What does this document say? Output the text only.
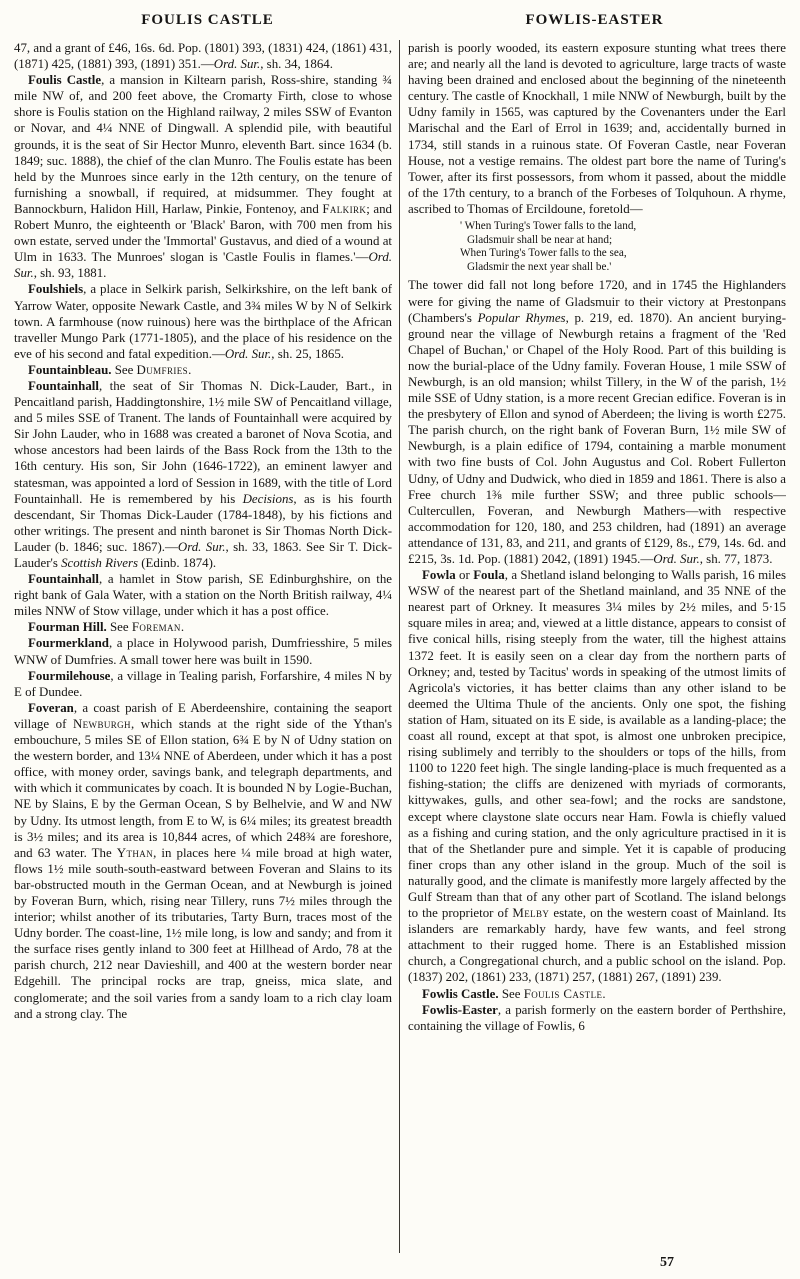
FOULIS CASTLE	FOWLIS-EASTER

47, and a grant of £46, 16s. 6d. Pop. (1801) 393, (1831) 424, (1861) 431, (1871) 425, (1881) 393, (1891) 351.—Ord. Sur., sh. 34, 1864.

Foulis Castle, a mansion in Kiltearn parish, Ross-shire, standing ¾ mile NW of, and 200 feet above, the Cromarty Firth, close to whose shore is Foulis station on the Highland railway, 2 miles SSW of Evanton or Novar, and 4¼ NNE of Dingwall. A splendid pile, with beautiful grounds, it is the seat of Sir Hector Munro, eleventh Bart. since 1634 (b. 1849; suc. 1888), the chief of the clan Munro. The Foulis estate has been held by the Munroes since early in the 12th century, on the tenure of furnishing a snowball, if required, at midsummer. They fought at Bannockburn, Halidon Hill, Harlaw, Pinkie, Fontenoy, and Falkirk; and Robert Munro, the eighteenth or 'Black' Baron, with 700 men from his own estate, served under the 'Immortal' Gustavus, and died of a wound at Ulm in 1633. The Munroes' slogan is 'Castle Foulis in flames.'—Ord. Sur., sh. 93, 1881.

Foulshiels, a place in Selkirk parish, Selkirkshire, on the left bank of Yarrow Water, opposite Newark Castle, and 3¾ miles W by N of Selkirk town. A farmhouse (now ruinous) here was the birthplace of the African traveller Mungo Park (1771-1805), and the place of his residence on the eve of his second and fatal expedition.—Ord. Sur., sh. 25, 1865.

Fountainbleau. See Dumfries.

Fountainhall, the seat of Sir Thomas N. Dick-Lauder, Bart., in Pencaitland parish, Haddingtonshire, 1½ mile SW of Pencaitland village, and 5 miles SSE of Tranent. The lands of Fountainhall were acquired by Sir John Lauder, who in 1688 was created a baronet of Nova Scotia, and whose ancestors had been lairds of the Bass Rock from the 13th to the 16th century. His son, Sir John (1646-1722), an eminent lawyer and statesman, was appointed a lord of Session in 1689, with the title of Lord Fountainhall. He is remembered by his Decisions, as is his fourth descendant, Sir Thomas Dick-Lauder (1784-1848), by his fictions and other writings. The present and ninth baronet is Sir Thomas North Dick-Lauder (b. 1846; suc. 1867).—Ord. Sur., sh. 33, 1863. See Sir T. Dick-Lauder's Scottish Rivers (Edinb. 1874).

Fountainhall, a hamlet in Stow parish, SE Edinburghshire, on the right bank of Gala Water, with a station on the North British railway, 4¼ miles NNW of Stow village, under which it has a post office.

Fourman Hill. See Foreman.

Fourmerkland, a place in Holywood parish, Dumfriesshire, 5 miles WNW of Dumfries. A small tower here was built in 1590.

Fourmilehouse, a village in Tealing parish, Forfarshire, 4 miles N by E of Dundee.

Foveran, a coast parish of E Aberdeenshire, containing the seaport village of Newburgh, which stands at the right side of the Ythan's embouchure, 5 miles SE of Ellon station, 6¾ E by N of Udny station on the western border, and 13¼ NNE of Aberdeen, under which it has a post office, with money order, savings bank, and telegraph departments, and with which it communicates by coach. It is bounded N by Logie-Buchan, NE by Slains, E by the German Ocean, S by Belhelvie, and W and NW by Udny. Its utmost length, from E to W, is 6¼ miles; its greatest breadth is 3½ miles; and its area is 10,844 acres, of which 248¾ are foreshore, and 63 water. The Ythan, in places here ¼ mile broad at high water, flows 1½ mile south-south-eastward between Foveran and Slains to its bar-obstructed mouth in the German Ocean, and at Newburgh is joined by Foveran Burn, which, rising near Tillery, runs 7½ miles through the interior; whilst another of its tributaries, Tarty Burn, traces most of the Udny border. The coast-line, 1½ mile long, is low and sandy; and from it the surface rises gently inland to 300 feet at Hillhead of Ardo, 78 at the parish church, 212 near Davieshill, and 400 at the western border near Edgehill. The principal rocks are trap, gneiss, mica slate, and conglomerate; and the soil varies from a sandy loam to a rich clay loam and a strong clay. The

parish is poorly wooded, its eastern exposure stunting what trees there are; and nearly all the land is devoted to agriculture, large tracts of waste having been drained and enclosed about the beginning of the nineteenth century. The castle of Knockhall, 1 mile NNW of Newburgh, built by the Udny family in 1565, was captured by the Covenanters under the Earl Marischal and the Earl of Errol in 1639; and, accidentally burned in 1734, still stands in a ruinous state. Of Foveran Castle, near Foveran House, not a vestige remains. The oldest part bore the name of Turing's Tower, after its first possessors, from whom it passed, about the middle of the 17th century, to a branch of the Forbeses of Tolquhoun. A rhyme, ascribed to Thomas of Ercildoune, foretold—

' When Turing's Tower falls to the land,
Gladsmuir shall be near at hand;
When Turing's Tower falls to the sea,
Gladsmir the next year shall be.'

The tower did fall not long before 1720, and in 1745 the Highlanders were for giving the name of Gladsmuir to their victory at Prestonpans (Chambers's Popular Rhymes, p. 219, ed. 1870). An ancient burying-ground near the village of Newburgh retains a fragment of the 'Red Chapel of Buchan,' or Chapel of the Holy Rood. Part of this building is now the burial-place of the Udny family. Foveran House, 1 mile SSW of Newburgh, is an old mansion; whilst Tillery, in the W of the parish, 1½ mile SSE of Udny station, is a more recent Grecian edifice. Foveran is in the presbytery of Ellon and synod of Aberdeen; the living is worth £275. The parish church, on the right bank of Foveran Burn, 1½ mile SW of Newburgh, is a plain edifice of 1794, containing a marble monument with two fine busts of Col. John Augustus and Col. Robert Fullerton Udny, of Udny and Dudwick, who died in 1859 and 1861. There is also a Free church 1⅜ mile further SSW; and three public schools—Cultercullen, Foveran, and Newburgh Mathers—with respective accommodation for 120, 180, and 253 children, had (1891) an average attendance of 131, 83, and 211, and grants of £129, 8s., £79, 14s. 6d. and £215, 3s. 1d. Pop. (1881) 2042, (1891) 1945.—Ord. Sur., sh. 77, 1873.

Fowla or Foula, a Shetland island belonging to Walls parish, 16 miles WSW of the nearest part of the Shetland mainland, and 35 NNE of the nearest part of Orkney. It measures 3¼ miles by 2½ miles, and 5·15 square miles in area; and, viewed at a little distance, appears to consist of five conical hills, rising steeply from the water, till the highest attains 1372 feet. It is easily seen on a clear day from the northern parts of Orkney; and, tested by Tacitus' words in speaking of the utmost limits of Agricola's victories, it has better claims than any other island to be deemed the Ultima Thule of the ancients. Only one spot, the fishing station of Ham, situated on its E side, is available as a landing-place; the coast all round, except at that spot, is almost one unbroken precipice, rising sublimely and terribly to the shoulders or tops of the hills, from 1100 to 1220 feet high. The single landing-place is much frequented as a fishing-station; the cliffs are denizened with myriads of cormorants, kittywakes, gulls, and other sea-fowl; and the rocks are sandstone, except where claystone slate occurs near Ham. Fowla is chiefly valued as a fishing and curing station, and the only agriculture practised in it is that of the Shetlander pure and simple. Yet it is capable of producing finer crops than any other island in the group. Much of the soil is naturally good, and the climate is manifestly more largely affected by the Gulf Stream than that of any other part of Scotland. The island belongs to the proprietor of Melby estate, on the western coast of Mainland. Its islanders are remarkably hardy, have few wants, and feel strong attachment to their rugged home. There is an Established mission church, a Congregational church, and a public school on the island. Pop. (1837) 202, (1861) 233, (1871) 257, (1881) 267, (1891) 239.

Fowlis Castle. See Foulis Castle.

Fowlis-Easter, a parish formerly on the eastern border of Perthshire, containing the village of Fowlis, 6

57
